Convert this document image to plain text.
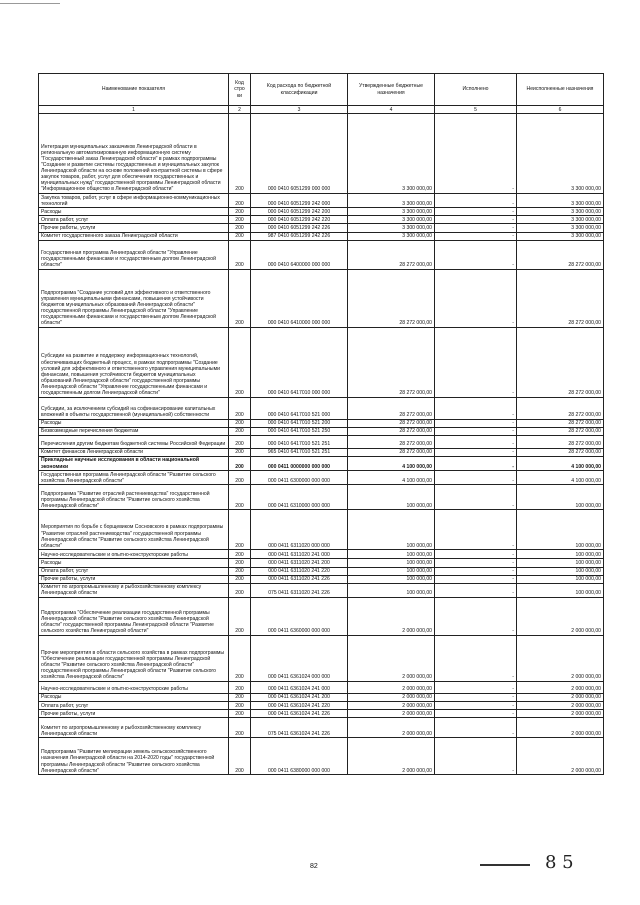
Наименование показателя	Код стро ки	Код расхода по бюджетной классификации	Утвержденные бюджетные назначения	Исполнено	Неисполненные назначения
1	2	3	4	5	6
Интеграция муниципальных заказчиков Ленинградской области в региональную автоматизированную информационную систему "Государственный заказ Ленинградской области" в рамках подпрограммы "Создание и развитие системы государственных и муниципальных закупок Ленинградской области на основе положений контрактной системы в сфере закупок товаров, работ, услуг для обеспечения государственных и муниципальных нужд" государственной программы Ленинградской области "Информационное общество в Ленинградской области"	200	000 0410 6051299 000 000	3 300 000,00	-	3 300 000,00
Закупка товаров, работ, услуг в сфере информационно-коммуникационных технологий	200	000 0410 6051299 242 000	3 300 000,00	-	3 300 000,00
Расходы	200	000 0410 6051299 242 200	3 300 000,00	-	3 300 000,00
Оплата работ, услуг	200	000 0410 6051299 242 220	3 300 000,00	-	3 300 000,00
Прочие работы, услуги	200	000 0410 6051299 242 226	3 300 000,00	-	3 300 000,00
Комитет государственного заказа Ленинградской области	200	987 0410 6051299 242 226	3 300 000,00	-	3 300 000,00
Государственная программа Ленинградской области "Управление государственными финансами и государственным долгом Ленинградской области"	200	000 0410 6400000 000 000	28 272 000,00	-	28 272 000,00
Подпрограмма "Создание условий для эффективного и ответственного управления муниципальными финансами, повышения устойчивости бюджетов муниципальных образований Ленинградской области" государственной программы Ленинградской области "Управление государственными финансами и государственным долгом Ленинградской области"	200	000 0410 6410000 000 000	28 272 000,00	-	28 272 000,00
Субсидии на развитие и поддержку информационных технологий, обеспечивающих бюджетный процесс, в рамках подпрограммы "Создание условий для эффективного и ответственного управления муниципальными финансами, повышения устойчивости бюджетов муниципальных образований Ленинградской области" государственной программы Ленинградской области "Управление государственными финансами и государственным долгом Ленинградской области"	200	000 0410 6417010 000 000	28 272 000,00	-	28 272 000,00
Субсидии, за исключением субсидий на софинансирование капитальных вложений в объекты государственной (муниципальной) собственности	200	000 0410 6417010 521 000	28 272 000,00	-	28 272 000,00
Расходы	200	000 0410 6417010 521 200	28 272 000,00	-	28 272 000,00
Безвозмездные перечисления бюджетам	200	000 0410 6417010 521 250	28 272 000,00	-	28 272 000,00
Перечисления другим бюджетам бюджетной системы Российской Федерации	200	000 0410 6417010 521 251	28 272 000,00	-	28 272 000,00
Комитет финансов Ленинградской области	200	965 0410 6417010 521 251	28 272 000,00	-	28 272 000,00
Прикладные научные исследования в области национальной экономики	200	000 0411 0000000 000 000	4 100 000,00	-	4 100 000,00
Государственная программа Ленинградской области "Развитие сельского хозяйства Ленинградской области"	200	000 0411 6300000 000 000	4 100 000,00	-	4 100 000,00
Подпрограмма "Развитие отраслей растениеводства" государственной программы Ленинградской области "Развитие сельского хозяйства Ленинградской области"	200	000 0411 6310000 000 000	100 000,00	-	100 000,00
Мероприятия по борьбе с борщевиком Сосновского в рамках подпрограммы "Развитие отраслей растениеводства" государственной программы Ленинградской области "Развитие сельского хозяйства Ленинградской области"	200	000 0411 6311020 000 000	100 000,00	-	100 000,00
Научно-исследовательские и опытно-конструкторские работы	200	000 0411 6311020 241 000	100 000,00	-	100 000,00
Расходы	200	000 0411 6311020 241 200	100 000,00	-	100 000,00
Оплата работ, услуг	200	000 0411 6311020 241 220	100 000,00	-	100 000,00
Прочие работы, услуги	200	000 0411 6311020 241 226	100 000,00	-	100 000,00
Комитет по агропромышленному и рыбохозяйственному комплексу Ленинградской области	200	075 0411 6311020 241 226	100 000,00	-	100 000,00
Подпрограмма "Обеспечение реализации государственной программы Ленинградской области "Развитие сельского хозяйства Ленинградской области" государственной программы Ленинградской области "Развитие сельского хозяйства Ленинградской области"	200	000 0411 6360000 000 000	2 000 000,00	-	2 000 000,00
Прочие мероприятия в области сельского хозяйства в рамках подпрограммы "Обеспечение реализации государственной программы Ленинградской области "Развитие сельского хозяйства Ленинградской области" государственной программы Ленинградской области "Развитие сельского хозяйства Ленинградской области"	200	000 0411 6361024 000 000	2 000 000,00	-	2 000 000,00
Научно-исследовательские и опытно-конструкторские работы	200	000 0411 6361024 241 000	2 000 000,00	-	2 000 000,00
Расходы	200	000 0411 6361024 241 200	2 000 000,00	-	2 000 000,00
Оплата работ, услуг	200	000 0411 6361024 241 220	2 000 000,00	-	2 000 000,00
Прочие работы, услуги	200	000 0411 6361024 241 226	2 000 000,00	-	2 000 000,00
Комитет по агропромышленному и рыбохозяйственному комплексу Ленинградской области	200	075 0411 6361024 241 226	2 000 000,00	-	2 000 000,00
Подпрограмма "Развитие мелиорации земель сельскохозяйственного назначения Ленинградской области на 2014-2020 годы" государственной программы Ленинградской области "Развитие сельского хозяйства Ленинградской области"	200	000 0411 6380000 000 000	2 000 000,00	-	2 000 000,00
82	8 5
